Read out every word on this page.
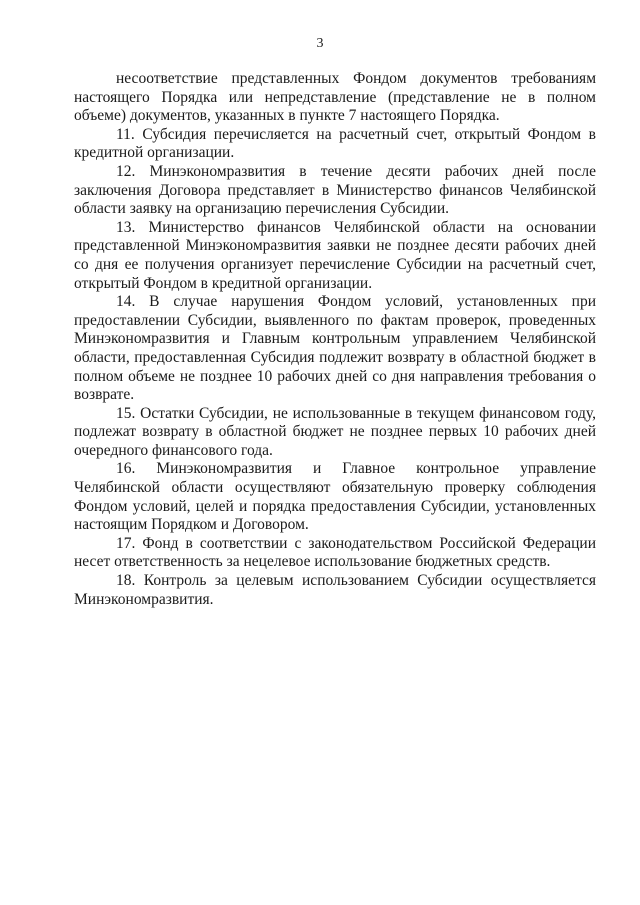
3

несоответствие представленных Фондом документов требованиям настоящего Порядка или непредставление (представление не в полном объеме) документов, указанных в пункте 7 настоящего Порядка.

11. Субсидия перечисляется на расчетный счет, открытый Фондом в кредитной организации.

12. Минэкономразвития в течение десяти рабочих дней после заключения Договора представляет в Министерство финансов Челябинской области заявку на организацию перечисления Субсидии.

13. Министерство финансов Челябинской области на основании представленной Минэкономразвития заявки не позднее десяти рабочих дней со дня ее получения организует перечисление Субсидии на расчетный счет, открытый Фондом в кредитной организации.

14. В случае нарушения Фондом условий, установленных при предоставлении Субсидии, выявленного по фактам проверок, проведенных Минэкономразвития и Главным контрольным управлением Челябинской области, предоставленная Субсидия подлежит возврату в областной бюджет в полном объеме не позднее 10 рабочих дней со дня направления требования о возврате.

15. Остатки Субсидии, не использованные в текущем финансовом году, подлежат возврату в областной бюджет не позднее первых 10 рабочих дней очередного финансового года.

16. Минэкономразвития и Главное контрольное управление Челябинской области осуществляют обязательную проверку соблюдения Фондом условий, целей и порядка предоставления Субсидии, установленных настоящим Порядком и Договором.

17. Фонд в соответствии с законодательством Российской Федерации несет ответственность за нецелевое использование бюджетных средств.

18. Контроль за целевым использованием Субсидии осуществляется Минэкономразвития.
